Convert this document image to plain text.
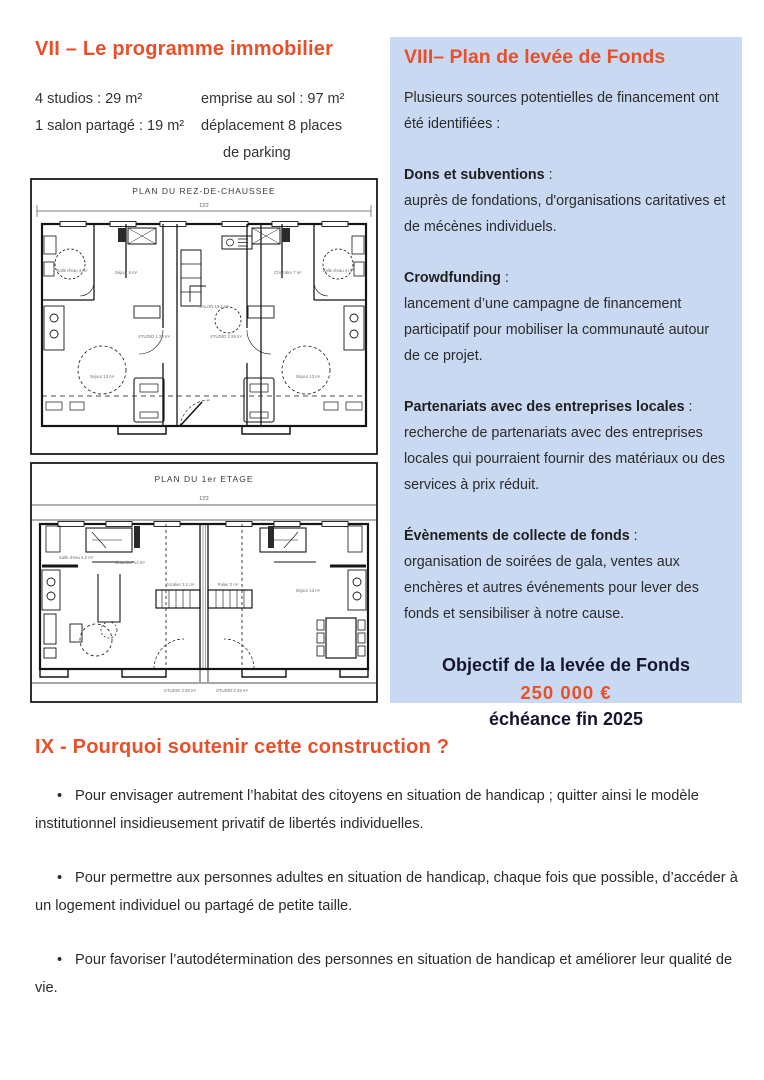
VII – Le programme immobilier
4 studios : 29 m²
1 salon partagé : 19 m²
emprise au sol : 97 m²
déplacement 8 places
de parking
PLAN DU REZ-DE-CHAUSSEE
13'2
Salle d'eau 4 m²	Séjour 9 m²
STUDIO 1 29 m²
SALON 19,2 m²
STUDIO 2 29 m²
Chambre 7 m²	Salle d'eau 4 m²
Séjour 13 m²	Séjour 13 m²
PLAN DU 1er ETAGE
13'2
Salle d'eau 4,2 m²
Chambre 12 m²
Escalier 3,1 m²	Palier 2 m²
Séjour 13 m²
STUDIO 3 29 m²	STUDIO 4 29 m²
VIII– Plan de levée de Fonds

Plusieurs sources potentielles de financement ont été identifiées :

Dons et subventions :
auprès de fondations, d'organisations caritatives et de mécènes individuels.
Crowdfunding :
lancement d’une campagne de financement participatif pour mobiliser la communauté autour de ce projet.
Partenariats avec des entreprises locales :
recherche de partenariats avec des entreprises locales qui pourraient fournir des matériaux ou des services à prix réduit.
Évènements de collecte de fonds :
organisation de soirées de gala, ventes aux enchères et autres événements pour lever des fonds et sensibiliser à notre cause.
Objectif de la levée de Fonds
250 000 €
échéance fin 2025
IX - Pourquoi soutenir cette construction ?

• Pour envisager autrement l’habitat des citoyens en situation de handicap ; quitter ainsi le modèle institutionnel insidieusement privatif de libertés individuelles.

• Pour permettre aux personnes adultes en situation de handicap, chaque fois que possible, d’accéder à un logement individuel ou partagé de petite taille.

• Pour favoriser l’autodétermination des personnes en situation de handicap et améliorer leur qualité de vie.
